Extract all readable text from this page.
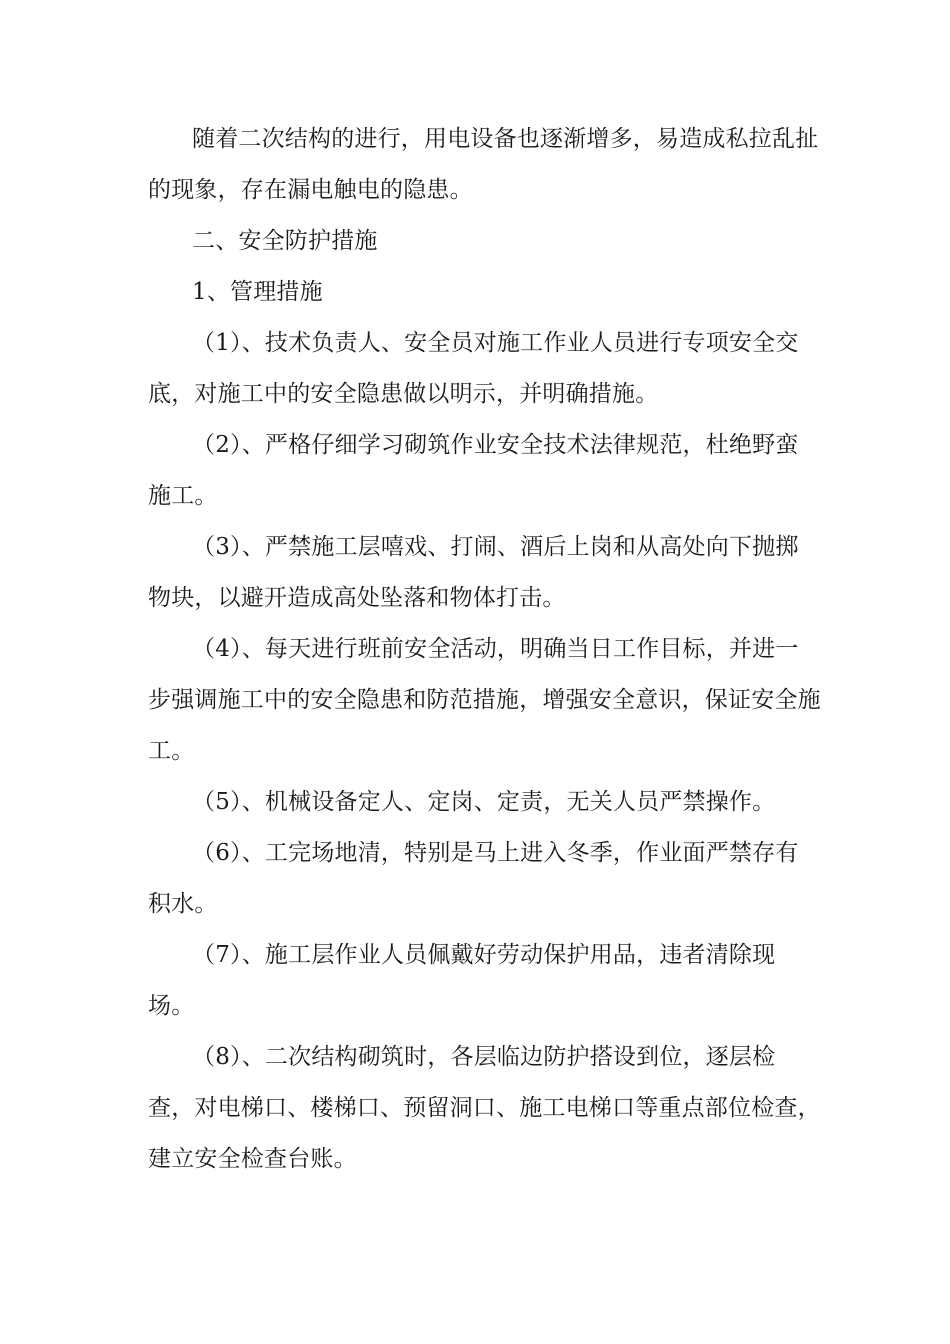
随着二次结构的进行，用电设备也逐渐增多，易造成私拉乱扯
的现象，存在漏电触电的隐患。
二、安全防护措施
1、管理措施
（1）、技术负责人、安全员对施工作业人员进行专项安全交
底，对施工中的安全隐患做以明示，并明确措施。
（2）、严格仔细学习砌筑作业安全技术法律规范，杜绝野蛮
施工。
（3）、严禁施工层嘻戏、打闹、酒后上岗和从高处向下抛掷
物块，以避开造成高处坠落和物体打击。
（4）、每天进行班前安全活动，明确当日工作目标，并进一
步强调施工中的安全隐患和防范措施，增强安全意识，保证安全施
工。
（5）、机械设备定人、定岗、定责，无关人员严禁操作。
（6）、工完场地清，特别是马上进入冬季，作业面严禁存有
积水。
（7）、施工层作业人员佩戴好劳动保护用品，违者清除现
场。
（8）、二次结构砌筑时，各层临边防护搭设到位，逐层检
查，对电梯口、楼梯口、预留洞口、施工电梯口等重点部位检查，
建立安全检查台账。
